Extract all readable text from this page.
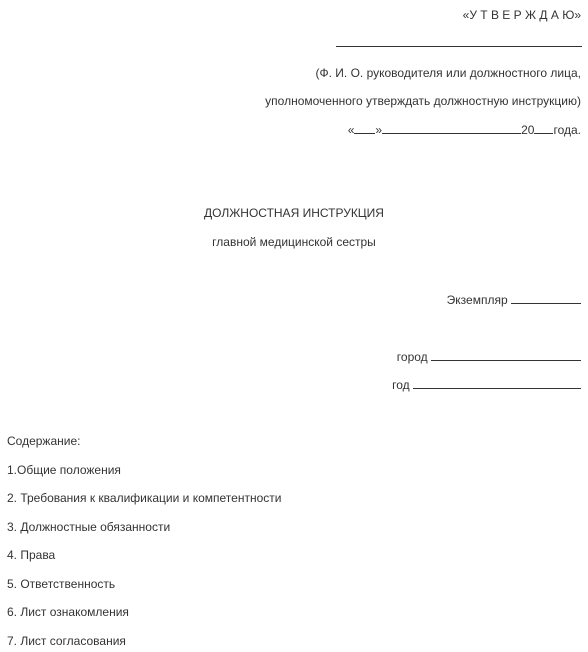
«У Т В Е Р Ж Д А Ю»
(Ф. И. О. руководителя или должностного лица,
уполномоченного утверждать должностную инструкцию)
« »	20 года.
ДОЛЖНОСТНАЯ ИНСТРУКЦИЯ
главной медицинской сестры
Экземпляр
город
год
Содержание:
1.Общие положения
2. Требования к квалификации и компетентности
3. Должностные обязанности
4. Права
5. Ответственность
6. Лист ознакомления
7. Лист согласования
